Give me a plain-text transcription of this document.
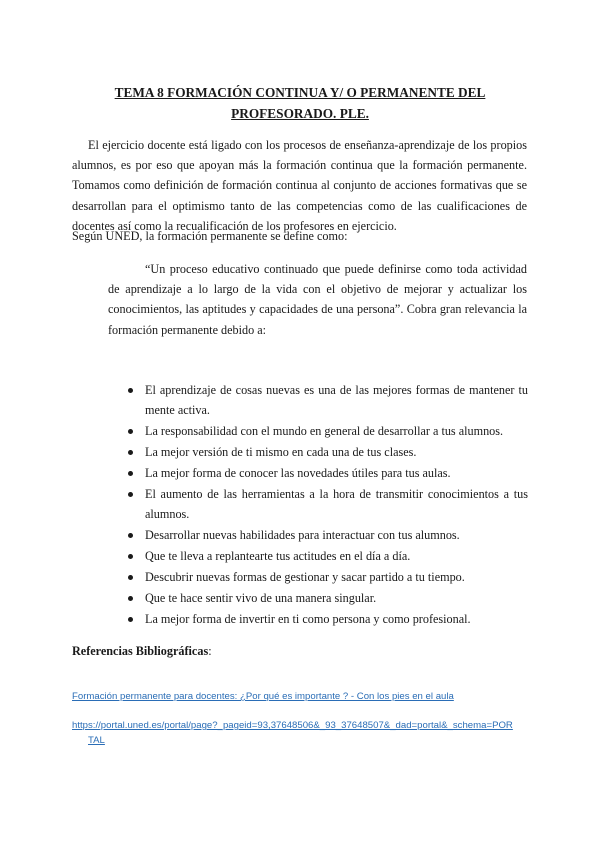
TEMA 8 FORMACIÓN CONTINUA Y/ O PERMANENTE DEL PROFESORADO. PLE.

El ejercicio docente está ligado con los procesos de enseñanza-aprendizaje de los propios alumnos, es por eso que apoyan más la formación continua que la formación permanente. Tomamos como definición de formación continua al conjunto de acciones formativas que se desarrollan para el optimismo tanto de las competencias como de las cualificaciones de docentes así como la recualificación de los profesores en ejercicio.

Según UNED, la formación permanente se define como:

“Un proceso educativo continuado que puede definirse como toda actividad de aprendizaje a lo largo de la vida con el objetivo de mejorar y actualizar los conocimientos, las aptitudes y capacidades de una persona”. Cobra gran relevancia la formación permanente debido a:

El aprendizaje de cosas nuevas es una de las mejores formas de mantener tu mente activa.
La responsabilidad con el mundo en general de desarrollar a tus alumnos.
La mejor versión de ti mismo en cada una de tus clases.
La mejor forma de conocer las novedades útiles para tus aulas.
El aumento de las herramientas a la hora de transmitir conocimientos a tus alumnos.
Desarrollar nuevas habilidades para interactuar con tus alumnos.
Que te lleva a replantearte tus actitudes en el día a día.
Descubrir nuevas formas de gestionar y sacar partido a tu tiempo.
Que te hace sentir vivo de una manera singular.
La mejor forma de invertir en ti como persona y como profesional.
Referencias Bibliográficas:
Formación permanente para docentes: ¿Por qué es importante ? - Con los pies en el aula
https://portal.uned.es/portal/page?_pageid=93,37648506&_93_37648507&_dad=portal&_schema=POR
TAL
